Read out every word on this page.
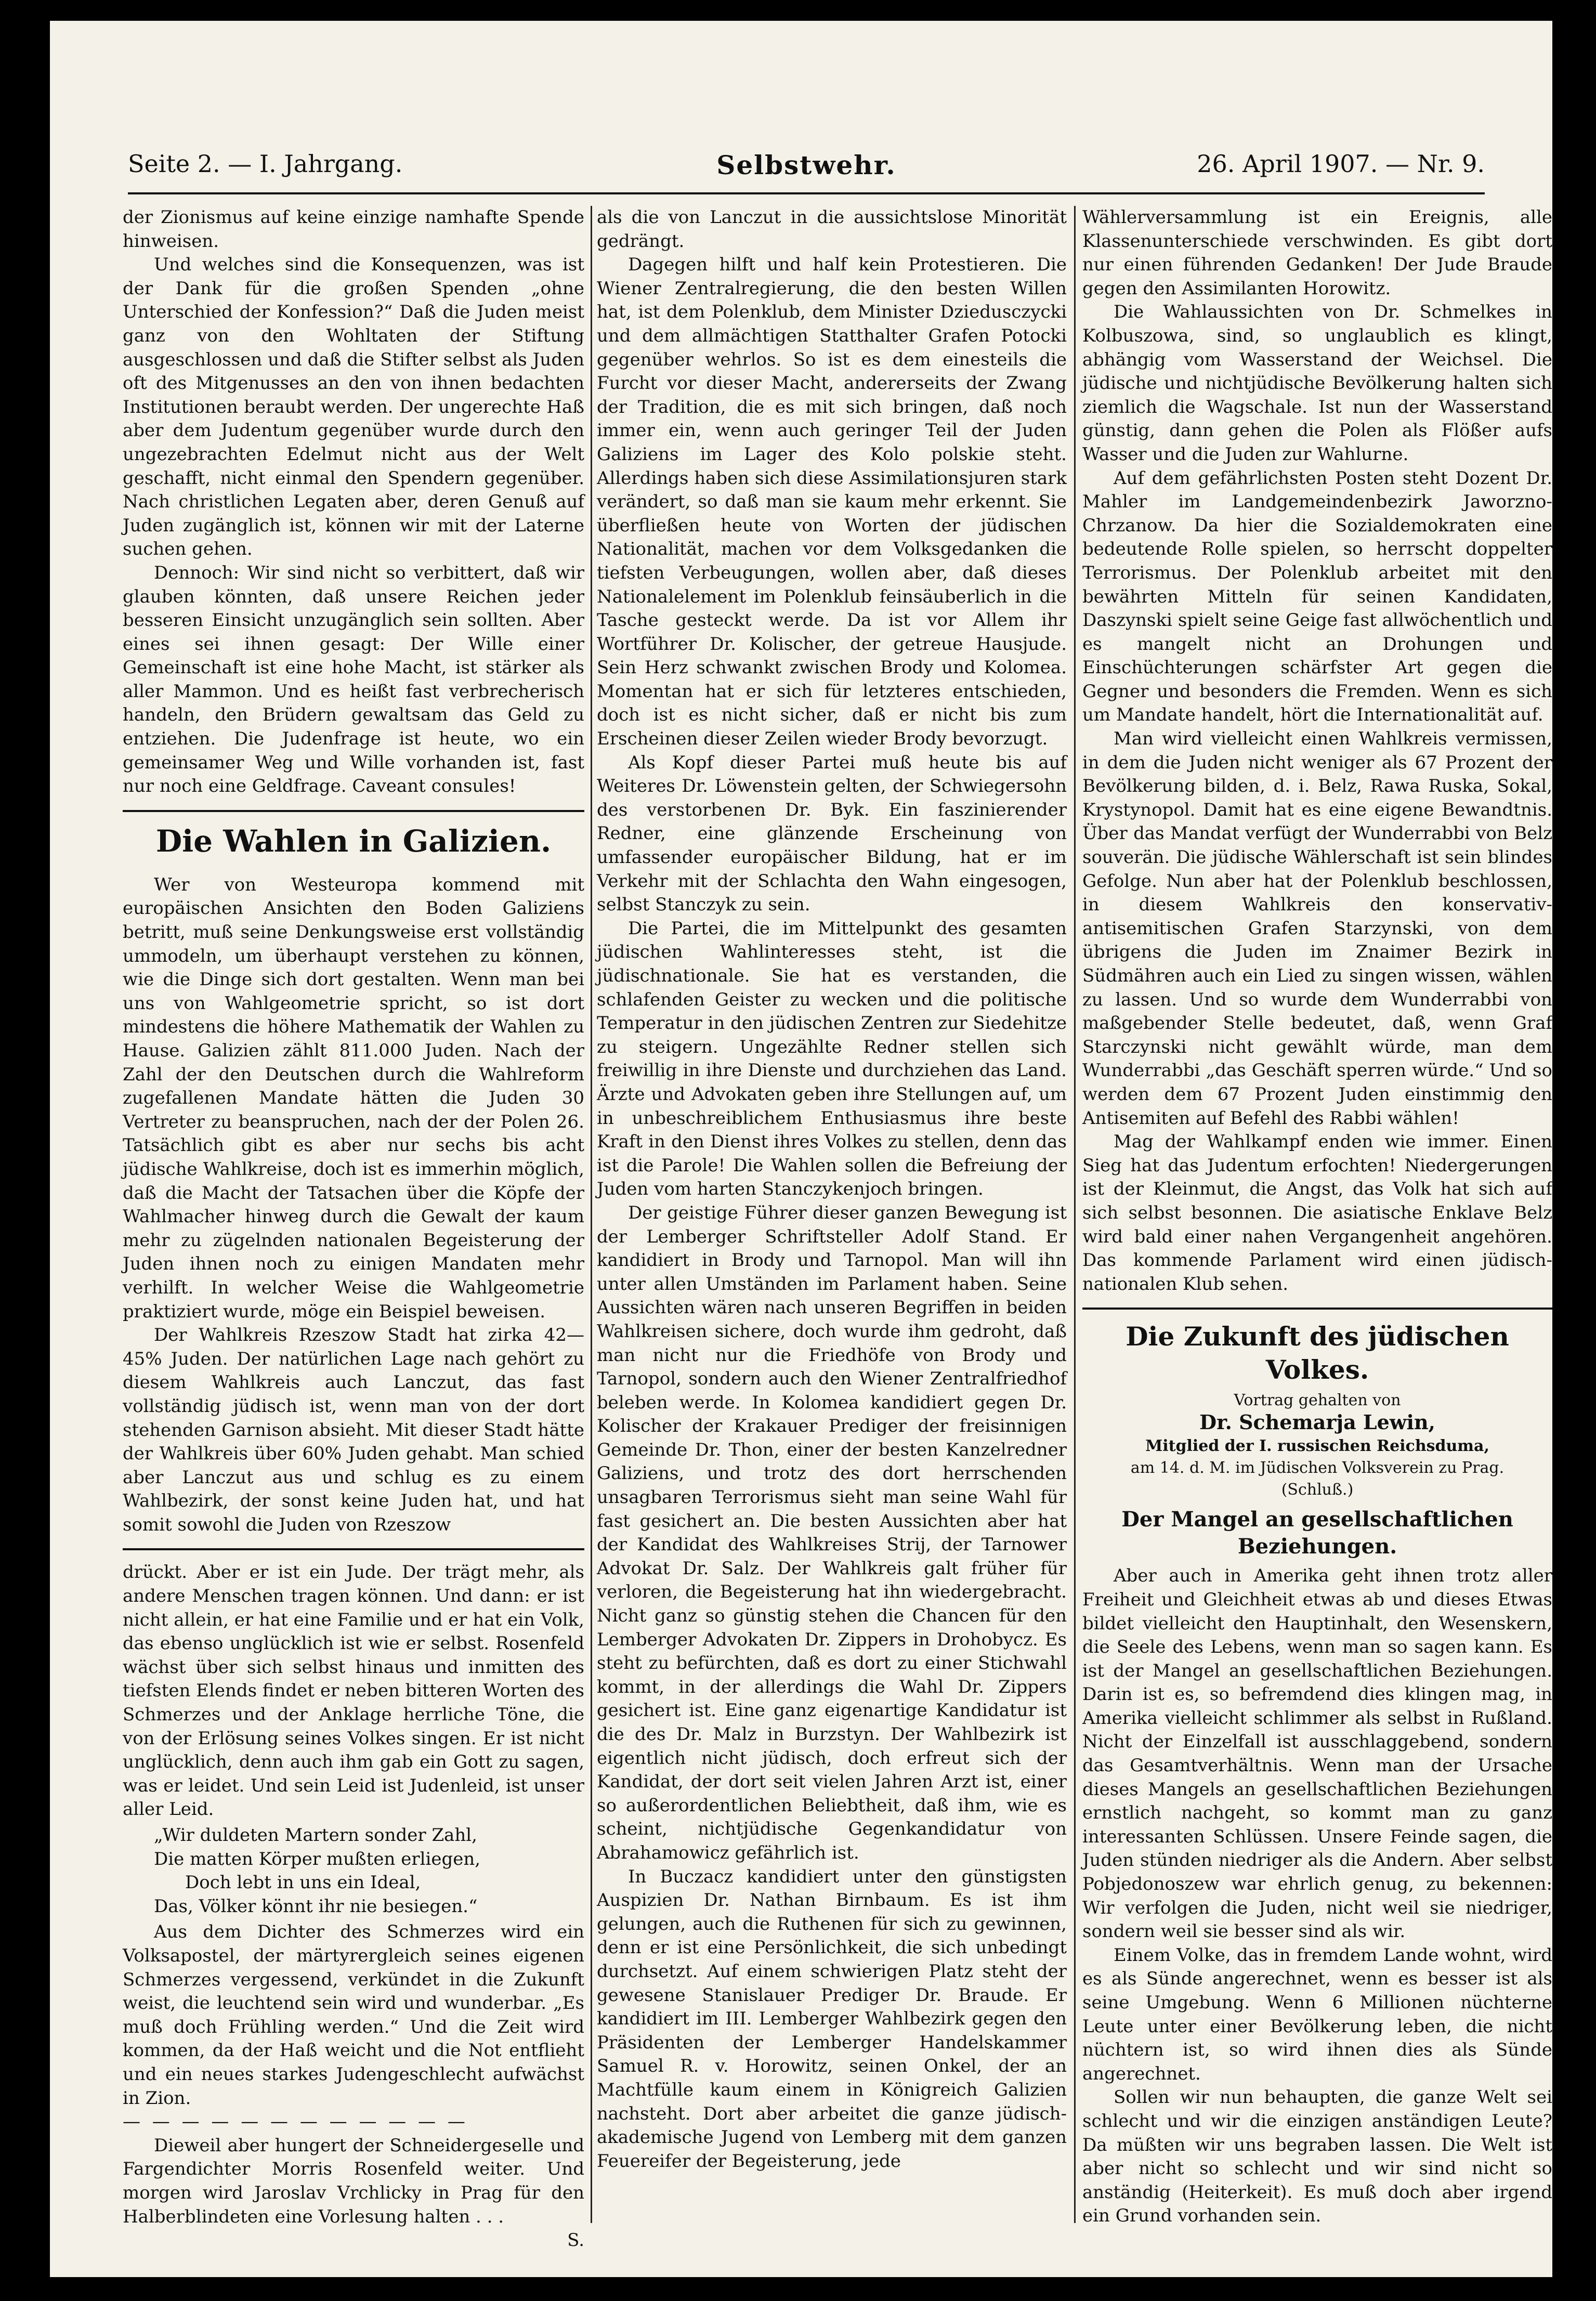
Seite 2. — I. Jahrgang.	Selbstwehr.	26. April 1907. — Nr. 9.

der Zionismus auf keine einzige namhafte Spende hinweisen.

Und welches sind die Konsequenzen, was ist der Dank für die großen Spenden „ohne Unterschied der Konfession?“ Daß die Juden meist ganz von den Wohltaten der Stiftung ausgeschlossen und daß die Stifter selbst als Juden oft des Mitgenusses an den von ihnen bedachten Institutionen beraubt werden. Der ungerechte Haß aber dem Judentum gegenüber wurde durch den ungezebrachten Edelmut nicht aus der Welt geschafft, nicht einmal den Spendern gegenüber. Nach christlichen Legaten aber, deren Genuß auf Juden zugänglich ist, können wir mit der Laterne suchen gehen.

Dennoch: Wir sind nicht so verbittert, daß wir glauben könnten, daß unsere Reichen jeder besseren Einsicht unzugänglich sein sollten. Aber eines sei ihnen gesagt: Der Wille einer Gemeinschaft ist eine hohe Macht, ist stärker als aller Mammon. Und es heißt fast verbrecherisch handeln, den Brüdern gewaltsam das Geld zu entziehen. Die Judenfrage ist heute, wo ein gemeinsamer Weg und Wille vorhanden ist, fast nur noch eine Geldfrage. Caveant consules!

Die Wahlen in Galizien.

Wer von Westeuropa kommend mit europäischen Ansichten den Boden Galiziens betritt, muß seine Denkungsweise erst vollständig ummodeln, um überhaupt verstehen zu können, wie die Dinge sich dort gestalten. Wenn man bei uns von Wahlgeometrie spricht, so ist dort mindestens die höhere Mathematik der Wahlen zu Hause. Galizien zählt 811.000 Juden. Nach der Zahl der den Deutschen durch die Wahlreform zugefallenen Mandate hätten die Juden 30 Vertreter zu beanspruchen, nach der der Polen 26. Tatsächlich gibt es aber nur sechs bis acht jüdische Wahlkreise, doch ist es immerhin möglich, daß die Macht der Tatsachen über die Köpfe der Wahlmacher hinweg durch die Gewalt der kaum mehr zu zügelnden nationalen Begeisterung der Juden ihnen noch zu einigen Mandaten mehr verhilft. In welcher Weise die Wahlgeometrie praktiziert wurde, möge ein Beispiel beweisen.

Der Wahlkreis Rzeszow Stadt hat zirka 42—45% Juden. Der natürlichen Lage nach gehört zu diesem Wahlkreis auch Lanczut, das fast vollständig jüdisch ist, wenn man von der dort stehenden Garnison absieht. Mit dieser Stadt hätte der Wahlkreis über 60% Juden gehabt. Man schied aber Lanczut aus und schlug es zu einem Wahlbezirk, der sonst keine Juden hat, und hat somit sowohl die Juden von Rzeszow

drückt. Aber er ist ein Jude. Der trägt mehr, als andere Menschen tragen können. Und dann: er ist nicht allein, er hat eine Familie und er hat ein Volk, das ebenso unglücklich ist wie er selbst. Rosenfeld wächst über sich selbst hinaus und inmitten des tiefsten Elends findet er neben bitteren Worten des Schmerzes und der Anklage herrliche Töne, die von der Erlösung seines Volkes singen. Er ist nicht unglücklich, denn auch ihm gab ein Gott zu sagen, was er leidet. Und sein Leid ist Judenleid, ist unser aller Leid.

„Wir duldeten Martern sonder Zahl,
Die matten Körper mußten erliegen,
Doch lebt in uns ein Ideal,
Das, Völker könnt ihr nie besiegen.“

Aus dem Dichter des Schmerzes wird ein Volksapostel, der märtyrergleich seines eigenen Schmerzes vergessend, verkündet in die Zukunft weist, die leuchtend sein wird und wunderbar. „Es muß doch Frühling werden.“ Und die Zeit wird kommen, da der Haß weicht und die Not entflieht und ein neues starkes Judengeschlecht aufwächst in Zion.

— — — — — — — — — — — —

Dieweil aber hungert der Schneidergeselle und Fargendichter Morris Rosenfeld weiter. Und morgen wird Jaroslav Vrchlicky in Prag für den Halberblindeten eine Vorlesung halten . . .

S.

als die von Lanczut in die aussichtslose Minorität gedrängt.

Dagegen hilft und half kein Protestieren. Die Wiener Zentralregierung, die den besten Willen hat, ist dem Polenklub, dem Minister Dziedusczycki und dem allmächtigen Statthalter Grafen Potocki gegenüber wehrlos. So ist es dem einesteils die Furcht vor dieser Macht, andererseits der Zwang der Tradition, die es mit sich bringen, daß noch immer ein, wenn auch geringer Teil der Juden Galiziens im Lager des Kolo polskie steht. Allerdings haben sich diese Assimilationsjuren stark verändert, so daß man sie kaum mehr erkennt. Sie überfließen heute von Worten der jüdischen Nationalität, machen vor dem Volksgedanken die tiefsten Verbeugungen, wollen aber, daß dieses Nationalelement im Polenklub feinsäuberlich in die Tasche gesteckt werde. Da ist vor Allem ihr Wortführer Dr. Kolischer, der getreue Hausjude. Sein Herz schwankt zwischen Brody und Kolomea. Momentan hat er sich für letzteres entschieden, doch ist es nicht sicher, daß er nicht bis zum Erscheinen dieser Zeilen wieder Brody bevorzugt.

Als Kopf dieser Partei muß heute bis auf Weiteres Dr. Löwenstein gelten, der Schwiegersohn des verstorbenen Dr. Byk. Ein faszinierender Redner, eine glänzende Erscheinung von umfassender europäischer Bildung, hat er im Verkehr mit der Schlachta den Wahn eingesogen, selbst Stanczyk zu sein.

Die Partei, die im Mittelpunkt des gesamten jüdischen Wahlinteresses steht, ist die jüdischnationale. Sie hat es verstanden, die schlafenden Geister zu wecken und die politische Temperatur in den jüdischen Zentren zur Siedehitze zu steigern. Ungezählte Redner stellen sich freiwillig in ihre Dienste und durchziehen das Land. Ärzte und Advokaten geben ihre Stellungen auf, um in unbeschreiblichem Enthusiasmus ihre beste Kraft in den Dienst ihres Volkes zu stellen, denn das ist die Parole! Die Wahlen sollen die Befreiung der Juden vom harten Stanczykenjoch bringen.

Der geistige Führer dieser ganzen Bewegung ist der Lemberger Schriftsteller Adolf Stand. Er kandidiert in Brody und Tarnopol. Man will ihn unter allen Umständen im Parlament haben. Seine Aussichten wären nach unseren Begriffen in beiden Wahlkreisen sichere, doch wurde ihm gedroht, daß man nicht nur die Friedhöfe von Brody und Tarnopol, sondern auch den Wiener Zentralfriedhof beleben werde. In Kolomea kandidiert gegen Dr. Kolischer der Krakauer Prediger der freisinnigen Gemeinde Dr. Thon, einer der besten Kanzelredner Galiziens, und trotz des dort herrschenden unsagbaren Terrorismus sieht man seine Wahl für fast gesichert an. Die besten Aussichten aber hat der Kandidat des Wahlkreises Strij, der Tarnower Advokat Dr. Salz. Der Wahlkreis galt früher für verloren, die Begeisterung hat ihn wiedergebracht. Nicht ganz so günstig stehen die Chancen für den Lemberger Advokaten Dr. Zippers in Drohobycz. Es steht zu befürchten, daß es dort zu einer Stichwahl kommt, in der allerdings die Wahl Dr. Zippers gesichert ist. Eine ganz eigenartige Kandidatur ist die des Dr. Malz in Burzstyn. Der Wahlbezirk ist eigentlich nicht jüdisch, doch erfreut sich der Kandidat, der dort seit vielen Jahren Arzt ist, einer so außerordentlichen Beliebtheit, daß ihm, wie es scheint, nichtjüdische Gegenkandidatur von Abrahamowicz gefährlich ist.

In Buczacz kandidiert unter den günstigsten Auspizien Dr. Nathan Birnbaum. Es ist ihm gelungen, auch die Ruthenen für sich zu gewinnen, denn er ist eine Persönlichkeit, die sich unbedingt durchsetzt. Auf einem schwierigen Platz steht der gewesene Stanislauer Prediger Dr. Braude. Er kandidiert im III. Lemberger Wahlbezirk gegen den Präsidenten der Lemberger Handelskammer Samuel R. v. Horowitz, seinen Onkel, der an Machtfülle kaum einem in Königreich Galizien nachsteht. Dort aber arbeitet die ganze jüdisch-akademische Jugend von Lemberg mit dem ganzen Feuereifer der Begeisterung, jede

Wählerversammlung ist ein Ereignis, alle Klassenunterschiede verschwinden. Es gibt dort nur einen führenden Gedanken! Der Jude Braude gegen den Assimilanten Horowitz.

Die Wahlaussichten von Dr. Schmelkes in Kolbuszowa, sind, so unglaublich es klingt, abhängig vom Wasserstand der Weichsel. Die jüdische und nichtjüdische Bevölkerung halten sich ziemlich die Wagschale. Ist nun der Wasserstand günstig, dann gehen die Polen als Flößer aufs Wasser und die Juden zur Wahlurne.

Auf dem gefährlichsten Posten steht Dozent Dr. Mahler im Landgemeindenbezirk Jaworzno-Chrzanow. Da hier die Sozialdemokraten eine bedeutende Rolle spielen, so herrscht doppelter Terrorismus. Der Polenklub arbeitet mit den bewährten Mitteln für seinen Kandidaten, Daszynski spielt seine Geige fast allwöchentlich und es mangelt nicht an Drohungen und Einschüchterungen schärfster Art gegen die Gegner und besonders die Fremden. Wenn es sich um Mandate handelt, hört die Internationalität auf.

Man wird vielleicht einen Wahlkreis vermissen, in dem die Juden nicht weniger als 67 Prozent der Bevölkerung bilden, d. i. Belz, Rawa Ruska, Sokal, Krystynopol. Damit hat es eine eigene Bewandtnis. Über das Mandat verfügt der Wunderrabbi von Belz souverän. Die jüdische Wählerschaft ist sein blindes Gefolge. Nun aber hat der Polenklub beschlossen, in diesem Wahlkreis den konservativ-antisemitischen Grafen Starzynski, von dem übrigens die Juden im Znaimer Bezirk in Südmähren auch ein Lied zu singen wissen, wählen zu lassen. Und so wurde dem Wunderrabbi von maßgebender Stelle bedeutet, daß, wenn Graf Starczynski nicht gewählt würde, man dem Wunderrabbi „das Geschäft sperren würde.“ Und so werden dem 67 Prozent Juden einstimmig den Antisemiten auf Befehl des Rabbi wählen!

Mag der Wahlkampf enden wie immer. Einen Sieg hat das Judentum erfochten! Niedergerungen ist der Kleinmut, die Angst, das Volk hat sich auf sich selbst besonnen. Die asiatische Enklave Belz wird bald einer nahen Vergangenheit angehören. Das kommende Parlament wird einen jüdisch-nationalen Klub sehen.

Die Zukunft des jüdischen Volkes.
Vortrag gehalten von
Dr. Schemarja Lewin,
Mitglied der I. russischen Reichsduma,
am 14. d. M. im Jüdischen Volksverein zu Prag.
(Schluß.)
Der Mangel an gesellschaftlichen Beziehungen.

Aber auch in Amerika geht ihnen trotz aller Freiheit und Gleichheit etwas ab und dieses Etwas bildet vielleicht den Hauptinhalt, den Wesenskern, die Seele des Lebens, wenn man so sagen kann. Es ist der Mangel an gesellschaftlichen Beziehungen. Darin ist es, so befremdend dies klingen mag, in Amerika vielleicht schlimmer als selbst in Rußland. Nicht der Einzelfall ist ausschlaggebend, sondern das Gesamtverhältnis. Wenn man der Ursache dieses Mangels an gesellschaftlichen Beziehungen ernstlich nachgeht, so kommt man zu ganz interessanten Schlüssen. Unsere Feinde sagen, die Juden stünden niedriger als die Andern. Aber selbst Pobjedonoszew war ehrlich genug, zu bekennen: Wir verfolgen die Juden, nicht weil sie niedriger, sondern weil sie besser sind als wir.

Einem Volke, das in fremdem Lande wohnt, wird es als Sünde angerechnet, wenn es besser ist als seine Umgebung. Wenn 6 Millionen nüchterne Leute unter einer Bevölkerung leben, die nicht nüchtern ist, so wird ihnen dies als Sünde angerechnet.

Sollen wir nun behaupten, die ganze Welt sei schlecht und wir die einzigen anständigen Leute? Da müßten wir uns begraben lassen. Die Welt ist aber nicht so schlecht und wir sind nicht so anständig (Heiterkeit). Es muß doch aber irgend ein Grund vorhanden sein.
